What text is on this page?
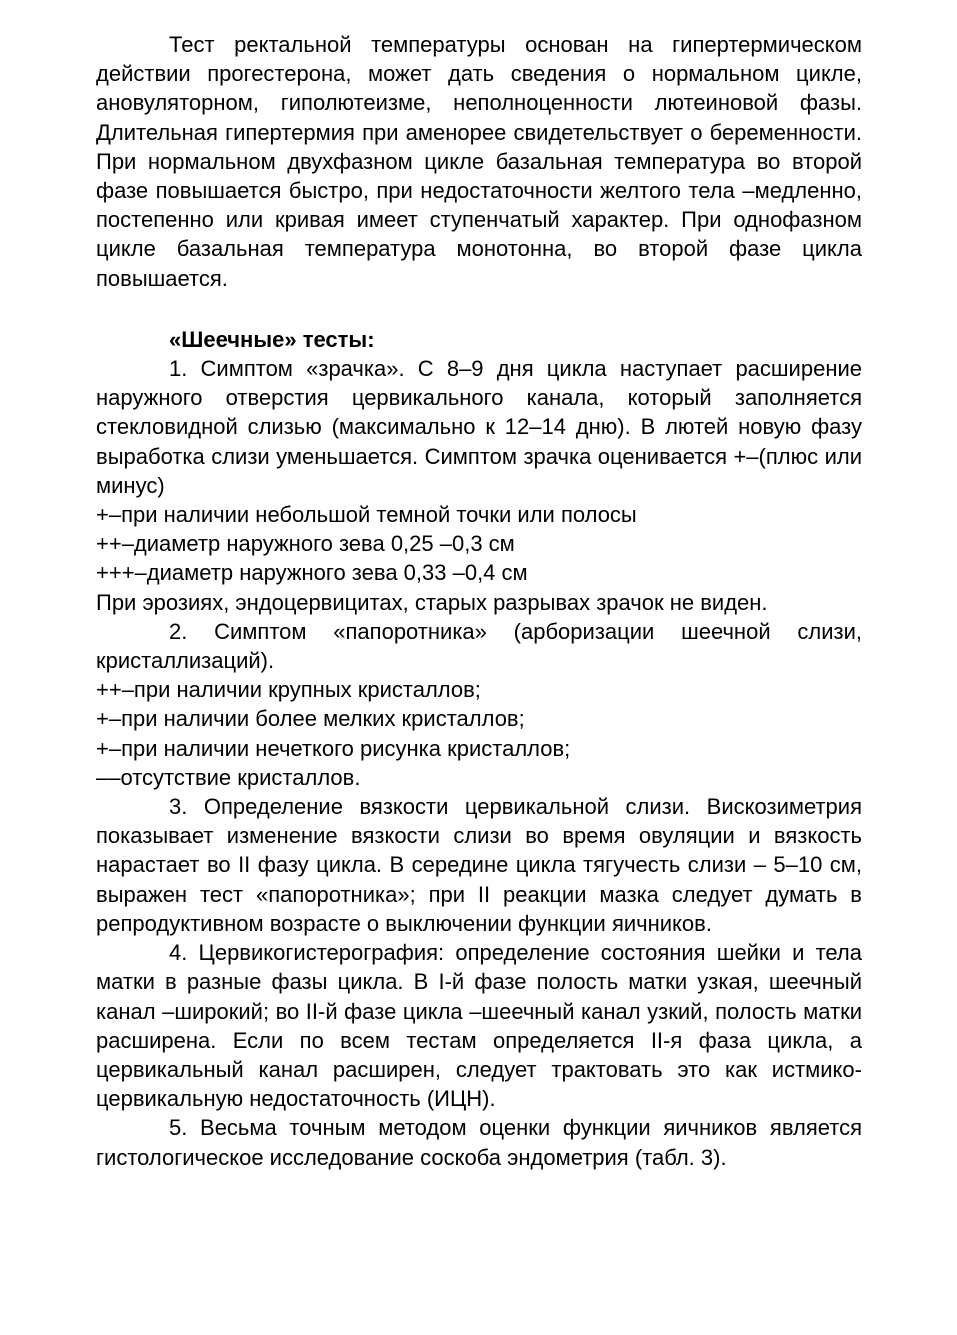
Тест ректальной температуры основан на гипертермическом действии прогестерона, может дать сведения о нормальном цикле, ановуляторном, гиполютеизме, неполноценности лютеиновой фазы. Длительная гипертермия при аменорее свидетельствует о беременности. При нормальном двухфазном цикле базальная температура во второй фазе повышается быстро, при недостаточности желтого тела –медленно, постепенно или кривая имеет ступенчатый характер. При однофазном цикле базальная температура монотонна, во второй фазе цикла повышается.

«Шеечные» тесты:

1. Симптом «зрачка». С 8–9 дня цикла наступает расширение наружного отверстия цервикального канала, который заполняется стекловидной слизью (максимально к 12–14 дню). В лютей новую фазу выработка слизи уменьшается. Симптом зрачка оценивается +–(плюс или минус)

+–при наличии небольшой темной точки или полосы

++–диаметр наружного зева 0,25 –0,3 см

+++–диаметр наружного зева 0,33 –0,4 см

При эрозиях, эндоцервицитах, старых разрывах зрачок не виден.

2. Симптом «папоротника» (арборизации шеечной слизи, кристаллизаций).

++–при наличии крупных кристаллов;

+–при наличии более мелких кристаллов;

+–при наличии нечеткого рисунка кристаллов;

––отсутствие кристаллов.

3. Определение вязкости цервикальной слизи. Вискозиметрия показывает изменение вязкости слизи во время овуляции и вязкость нарастает во II фазу цикла. В середине цикла тягучесть слизи – 5–10 см, выражен тест «папоротника»; при II реакции мазка следует думать в репродуктивном возрасте о выключении функции яичников.

4. Цервикогистерография: определение состояния шейки и тела матки в разные фазы цикла. В I-й фазе полость матки узкая, шеечный канал –широкий; во II-й фазе цикла –шеечный канал узкий, полость матки расширена. Если по всем тестам определяется II-я фаза цикла, а цервикальный канал расширен, следует трактовать это как истмико-цервикальную недостаточность (ИЦН).

5. Весьма точным методом оценки функции яичников является гистологическое исследование соскоба эндометрия (табл. 3).
